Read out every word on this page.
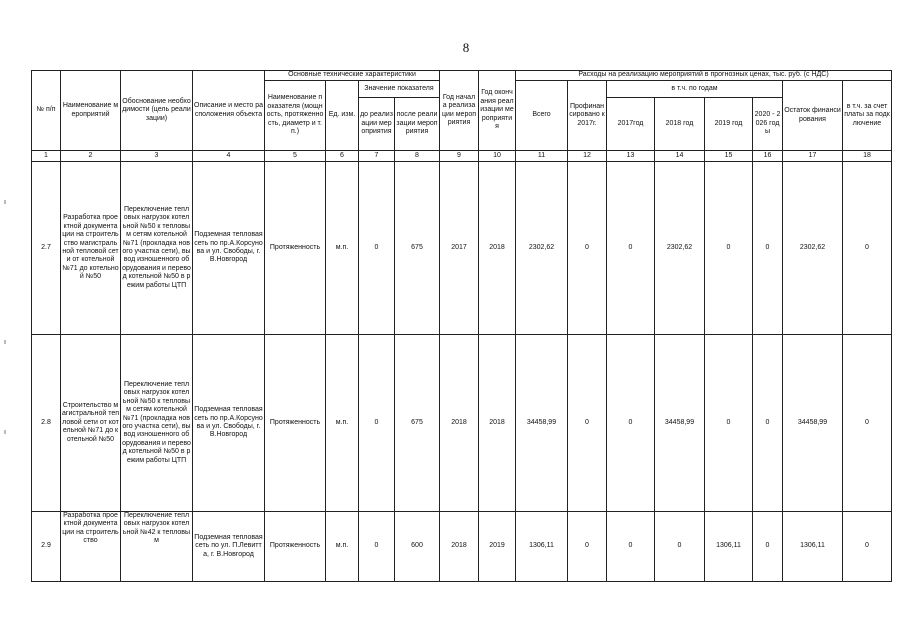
8
№ п/п	Наименование мероприятий	Обоснование необходимости (цель реализации)	Описание и место расположения объекта	Основные технические характеристики				Год начала реализации мероприятия	Год окончания реализации мероприятия	Расходы на реализацию мероприятий в прогнозных ценах, тыс. руб. (с НДС)							
				Наименование показателя (мощность, протяженность, диаметр и т.п.)	Ед. изм.	Значение показателя				Всего	Профинансировано к 2017г.	в т.ч. по годам				Остаток финансирования	в т.ч. за счет платы за подключение
						до реализации мероприятия	после реализации мероприятия					2017год	2018 год	2019 год	2020 - 2026 годы		
1	2	3	4	5	6	7	8	9	10	11	12	13	14	15	16	17	18
2.7	Разработка проектной документации на строительство магистральной тепловой сети от котельной №71 до котельной №50	Переключение тепловых нагрузок котельной №50 к тепловым сетям котельной №71 (прокладка нового участка сети), вывод изношенного оборудования и перевод котельной №50 в режим работы ЦТП	Подземная тепловая сеть по пр.А.Корсунова и ул. Свободы, г. В.Новгород	Протяженность	м.п.	0	675	2017	2018	2302,62	0	0	2302,62	0	0	2302,62	0
2.8	Строительство магистральной тепловой сети от котельной №71 до котельной №50	Переключение тепловых нагрузок котельной №50 к тепловым сетям котельной №71 (прокладка нового участка сети), вывод изношенного оборудования и перевод котельной №50 в режим работы ЦТП	Подземная тепловая сеть по пр.А.Корсунова и ул. Свободы, г. В.Новгород	Протяженность	м.п.	0	675	2018	2018	34458,99	0	0	34458,99	0	0	34458,99	0
2.9	Разработка проектной документации на строительство	Переключение тепловых нагрузок котельной №42 к тепловым	Подземная тепловая сеть по ул. П.Левитта, г. В.Новгород	Протяженность	м.п.	0	600	2018	2019	1306,11	0	0	0	1306,11	0	1306,11	0
